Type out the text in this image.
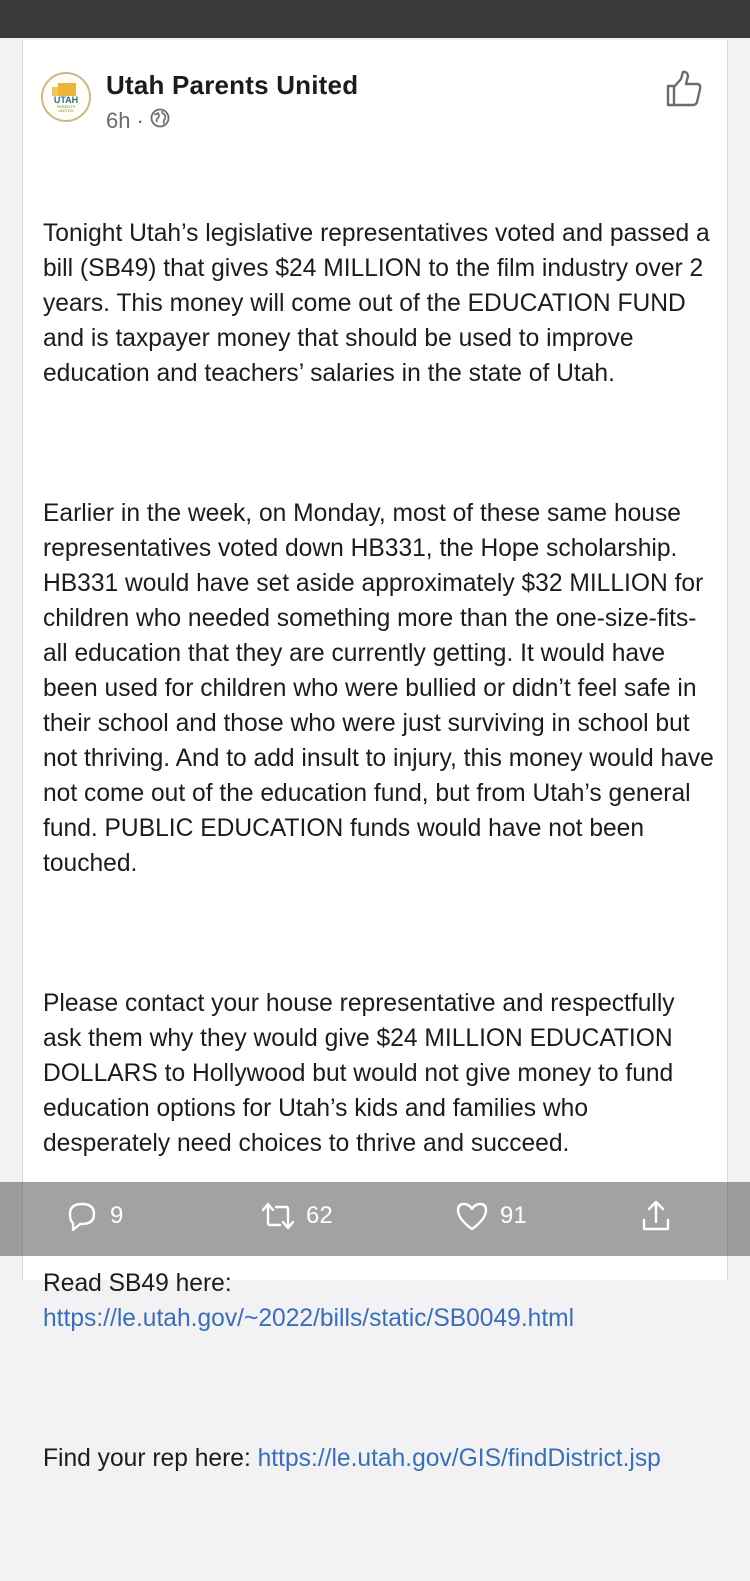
UTAH
PARENTS
UNITED
Utah Parents United
6h ·

Tonight Utah’s legislative representatives voted and passed a bill (SB49) that gives $24 MILLION to the film industry over 2 years. This money will come out of the EDUCATION FUND and is taxpayer money that should be used to improve education and teachers’ salaries in the state of Utah.

Earlier in the week, on Monday, most of these same house representatives voted down HB331, the Hope scholarship. HB331 would have set aside approximately $32 MILLION for children who needed something more than the one-size-fits-all education that they are currently getting. It would have been used for children who were bullied or didn’t feel safe in their school and those who were just surviving in school but not thriving. And to add insult to injury, this money would have not come out of the education fund, but from Utah’s general fund. PUBLIC EDUCATION funds would have not been touched.

Please contact your house representative and respectfully ask them why they would give $24 MILLION EDUCATION DOLLARS to Hollywood but would not give money to fund education options for Utah’s kids and families who desperately need choices to thrive and succeed.

Read SB49 here: https://le.utah.gov/~2022/bills/static/SB0049.html

Find your rep here: https://le.utah.gov/GIS/findDistrict.jsp

9	62	91
